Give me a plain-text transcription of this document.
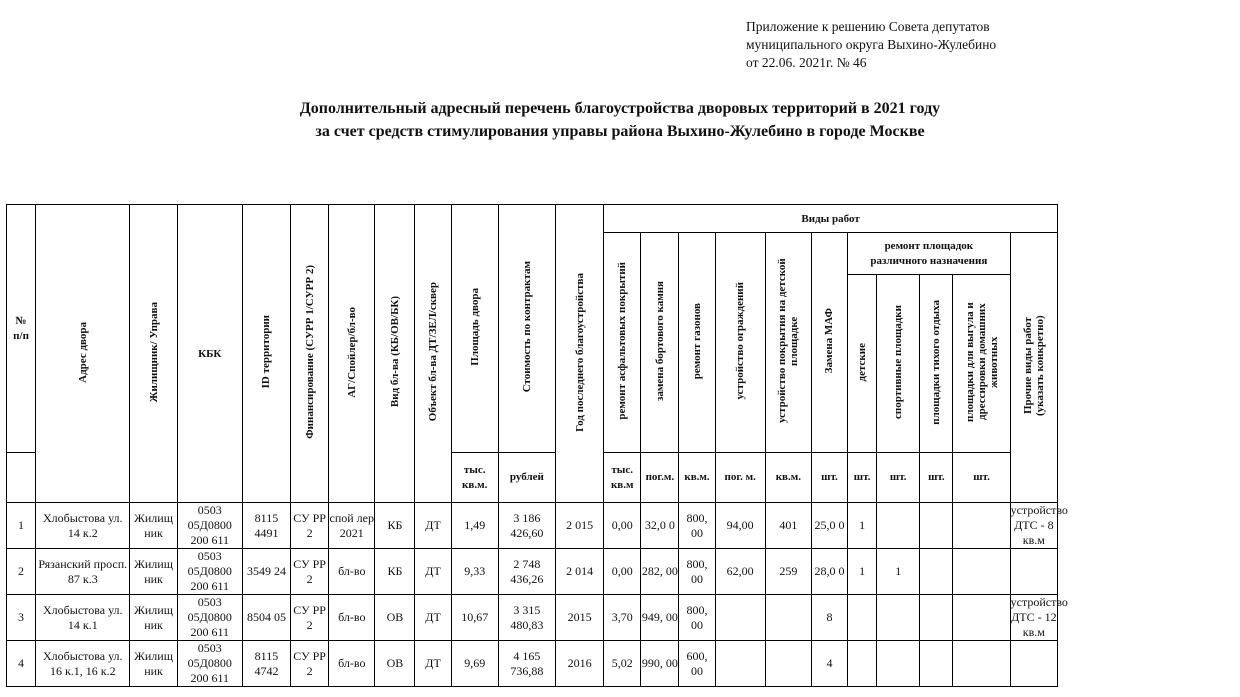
Приложение к решению Совета депутатов
муниципального округа Выхино-Жулебино
от 22.06. 2021г. № 46
Дополнительный адресный перечень благоустройства дворовых территорий в 2021 году
за счет средств стимулирования управы района Выхино-Жулебино в городе Москве
№ п/п	Адрес двора	Жилищник/ Управа	КБК	ID территории	Финансирование (СУРР 1/СУРР 2)	АГ/Спойлер/бл-во	Вид бл-ва (КБ/ОВ/БК)	Объект бл-ва ДТ/ЗЕЛ/сквер	Площадь двора	Стоимость по контрактам	Год последнего благоустройства	Виды работ										
												ремонт асфальтовых покрытий	замена бортового камня	ремонт газонов	устройство ограждений	устройство покрытия на детской площадке	Замена МАФ	ремонт площадок различного назначения				Прочие виды работ (указать конкретно)
																		детские	спортивные площадки	площадки тихого отдыха	площадки для выгула и дрессировки домашних животных	
									тыс. кв.м.	рублей		тыс. кв.м	пог.м.	кв.м.	пог. м.	кв.м.	шт.	шт.	шт.	шт.	шт.	
1	Хлобыстова ул. 14 к.2	Жилищ ник	0503 05Д0800 200 611	8115 4491	СУ РР 2	спой лер 2021	КБ	ДТ	1,49	3 186 426,60	2 015	0,00	32,0 0	800, 00	94,00	401	25,0 0	1				устройство ДТС - 8 кв.м
2	Рязанский просп. 87 к.3	Жилищ ник	0503 05Д0800 200 611	3549 24	СУ РР 2	бл-во	КБ	ДТ	9,33	2 748 436,26	2 014	0,00	282, 00	800, 00	62,00	259	28,0 0	1	1			
3	Хлобыстова ул. 14 к.1	Жилищ ник	0503 05Д0800 200 611	8504 05	СУ РР 2	бл-во	ОВ	ДТ	10,67	3 315 480,83	2015	3,70	949, 00	800, 00			8					устройство ДТС - 12 кв.м
4	Хлобыстова ул. 16 к.1, 16 к.2	Жилищ ник	0503 05Д0800 200 611	8115 4742	СУ РР 2	бл-во	ОВ	ДТ	9,69	4 165 736,88	2016	5,02	990, 00	600, 00			4					
